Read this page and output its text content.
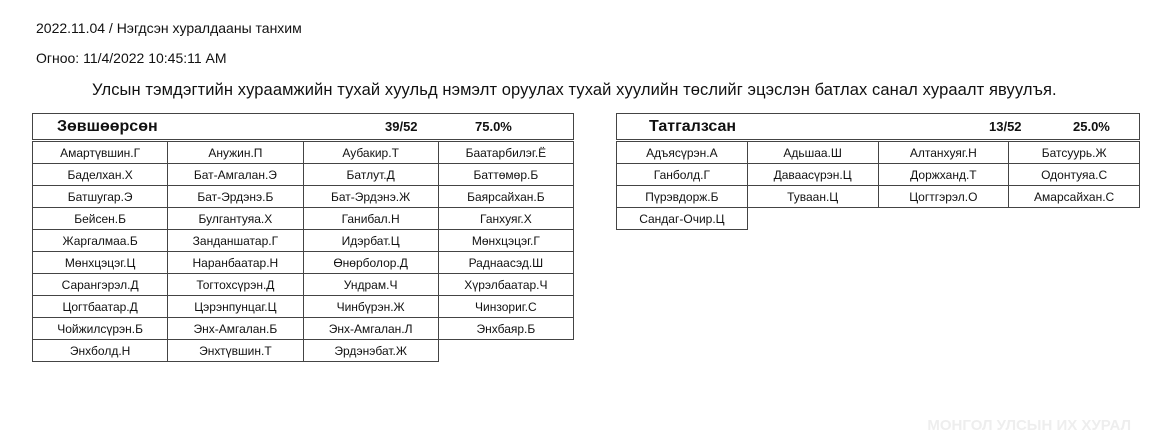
2022.11.04 / Нэгдсэн хуралдааны танхим
Огноо: 11/4/2022 10:45:11 AM
Улсын тэмдэгтийн хураамжийн тухай хуульд нэмэлт оруулах тухай хуулийн төслийг эцэслэн батлах санал хураалт явуулъя.
Зөвшөөрсөн	39/52	75.0%
Амартүвшин.Г	Анужин.П	Аубакир.Т	Баатарбилэг.Ё
Баделхан.Х	Бат-Амгалан.Э	Батлут.Д	Баттөмөр.Б
Батшугар.Э	Бат-Эрдэнэ.Б	Бат-Эрдэнэ.Ж	Баярсайхан.Б
Бейсен.Б	Булгантуяа.Х	Ганибал.Н	Ганхуяг.Х
Жаргалмаа.Б	Занданшатар.Г	Идэрбат.Ц	Мөнхцэцэг.Г
Мөнхцэцэг.Ц	Наранбаатар.Н	Өнөрболор.Д	Раднаасэд.Ш
Сарангэрэл.Д	Тогтохсүрэн.Д	Ундрам.Ч	Хүрэлбаатар.Ч
Цогтбаатар.Д	Цэрэнпунцаг.Ц	Чинбүрэн.Ж	Чинзориг.С
Чойжилсүрэн.Б	Энх-Амгалан.Б	Энх-Амгалан.Л	Энхбаяр.Б
Энхболд.Н	Энхтүвшин.Т	Эрдэнэбат.Ж	
Татгалзсан	13/52	25.0%
Адъясүрэн.А	Адьшаа.Ш	Алтанхуяг.Н	Батсуурь.Ж
Ганболд.Г	Даваасүрэн.Ц	Доржханд.Т	Одонтуяа.С
Пүрэвдорж.Б	Туваан.Ц	Цогтгэрэл.О	Амарсайхан.С
Сандаг-Очир.Ц			
МОНГОЛ УЛСЫН ИХ ХУРАЛ
